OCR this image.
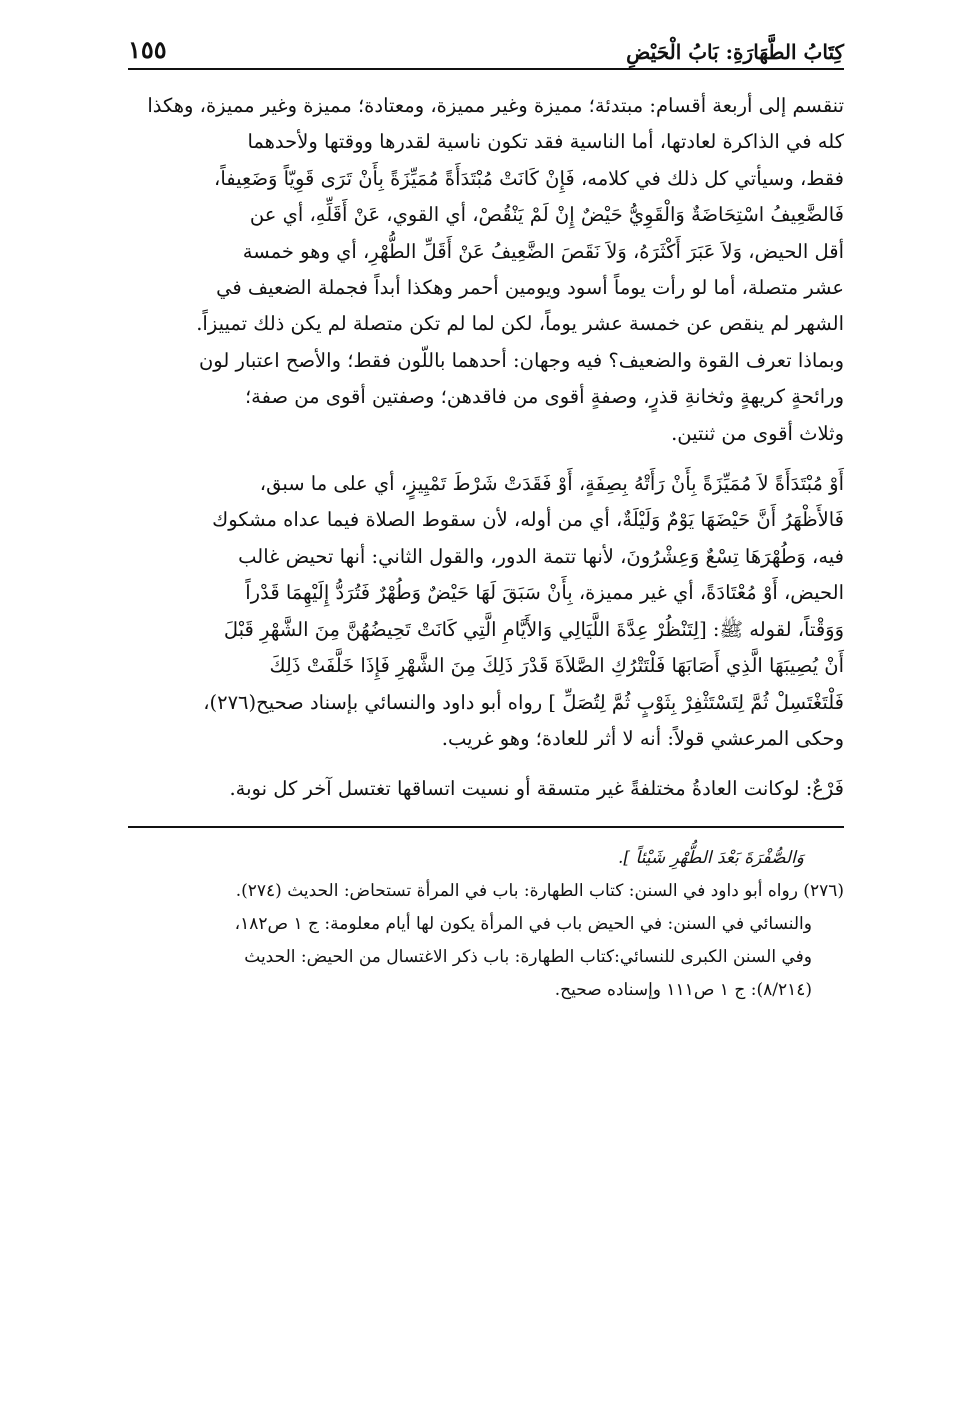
كِتَابُ الطَّهَارَةِ: بَابُ الْحَيْضِ
١٥٥

تنقسم إلى أربعة أقسام: مبتدئة؛ مميزة وغير مميزة، ومعتادة؛ مميزة وغير مميزة، وهكذا

كله في الذاكرة لعادتها، أما الناسية فقد تكون ناسية لقدرها ووقتها ولأحدهما

فقط، وسيأتي كل ذلك في كلامه، فَإِنْ كَانَتْ مُبْتَدَأَةً مُمَيِّزَةً بِأَنْ تَرَى قَوِيّاً وَضَعِيفاً،

فَالضَّعِيفُ اسْتِحَاضَةٌ وَالْقَوِيُّ حَيْضٌ إِنْ لَمْ يَنْقُصْ، أي القوي، عَنْ أَقَلِّهِ، أي عن

أقل الحيض، وَلاَ عَبَرَ أَكْثَرَهُ، وَلاَ نَقَصَ الضَّعِيفُ عَنْ أَقَلِّ الطُّهْرِ، أي وهو خمسة

عشر متصلة، أما لو رأت يوماً أسود ويومين أحمر وهكذا أبداً فجملة الضعيف في

الشهر لم ينقص عن خمسة عشر يوماً، لكن لما لم تكن متصلة لم يكن ذلك تمييزاً.

وبماذا تعرف القوة والضعيف؟ فيه وجهان: أحدهما باللّون فقط؛ والأصح اعتبار لون

ورائحةٍ كريهةٍ وثخانةِ قذرٍ، وصفةٍ أقوى من فاقدهن؛ وصفتين أقوى من صفة؛

وثلاث أقوى من ثنتين.

أَوْ مُبْتَدَأَةً لاَ مُمَيِّزَةً بِأَنْ رَأَتْهُ بِصِفَةٍ، أَوْ فَقَدَتْ شَرْطَ تَمْيِيزٍ، أي على ما سبق،

فَالأَظْهَرُ أَنَّ حَيْضَهَا يَوْمٌ وَلَيْلَةٌ، أي من أوله، لأن سقوط الصلاة فيما عداه مشكوك

فيه، وَطُهْرَهَا تِسْعٌ وَعِشْرُونَ، لأنها تتمة الدور، والقول الثاني: أنها تحيض غالب

الحيض، أَوْ مُعْتَادَةً، أي غير مميزة، بِأَنْ سَبَقَ لَهَا حَيْضٌ وَطُهْرٌ فَتُرَدُّ إِلَيْهِمَا قَدْراً

وَوَقْتاً، لقوله ﷺ: [لِتَنْظُرْ عِدَّةَ اللَّيَالِي وَالأَيَّامِ الَّتِي كَانَتْ تَحِيضُهُنَّ مِنَ الشَّهْرِ قَبْلَ

أَنْ يُصِيبَهَا الَّذِي أَصَابَهَا فَلْتَتْرُكِ الصَّلاَةَ قَدْرَ ذَلِكَ مِنَ الشَّهْرِ فَإِذَا خَلَّفَتْ ذَلِكَ

فَلْتَغْتَسِلْ ثُمَّ لِتَسْتَثْفِرْ بِثَوْبٍ ثُمَّ لِتُصَلِّ ] رواه أبو داود والنسائي بإسناد صحيح(٢٧٦)،

وحكى المرعشي قولاً: أنه لا أثر للعادة؛ وهو غريب.

فَرْعٌ: لوكانت العادةُ مختلفةً غير متسقة أو نسيت اتساقها تغتسل آخر كل نوبة.

وَالصُّفْرَةَ بَعْدَ الطُّهْرِ شَيْئاً ].

(٢٧٦) رواه أبو داود في السنن: كتاب الطهارة: باب في المرأة تستحاض: الحديث (٢٧٤).

والنسائي في السنن: في الحيض باب في المرأة يكون لها أيام معلومة: ج ١ ص١٨٢،

وفي السنن الكبرى للنسائي:كتاب الطهارة: باب ذكر الاغتسال من الحيض: الحديث

(٨/٢١٤): ج ١ ص١١١ وإسناده صحيح.
